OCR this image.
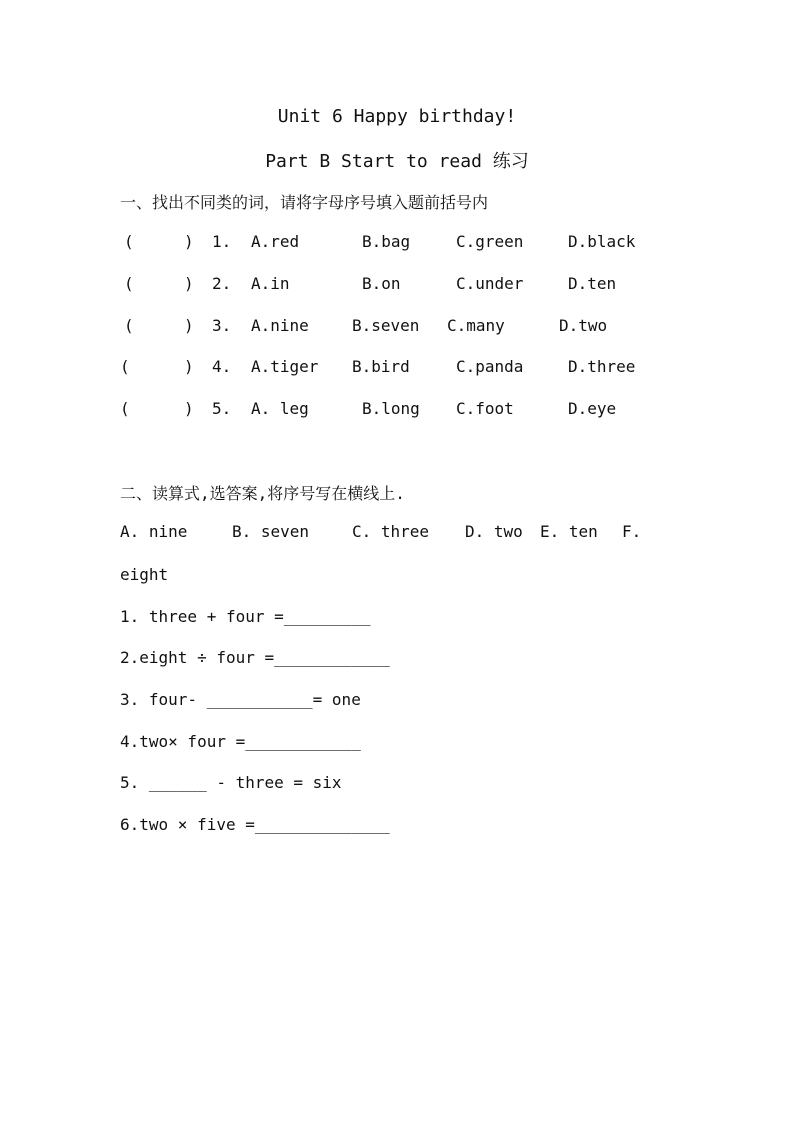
Unit 6 Happy birthday!
Part B Start to read 练习
一、找出不同类的词，请将字母序号填入题前括号内
(	) 1. A.red	B.bag	C.green	D.black
(	) 2. A.in	B.on	C.under	D.ten
(	) 3. A.nine	B.seven C.many	D.two
(	) 4. A.tiger B.bird	C.panda	D.three
(	) 5. A. leg	B.long C.foot	D.eye
二、读算式,选答案,将序号写在横线上.
A. nine	B. seven	C. three D. two E. ten F.
eight
1. three + four =_________
2.eight ÷ four =____________
3. four- ___________= one
4.two× four =____________
5. ______ - three = six
6.two × five =______________
